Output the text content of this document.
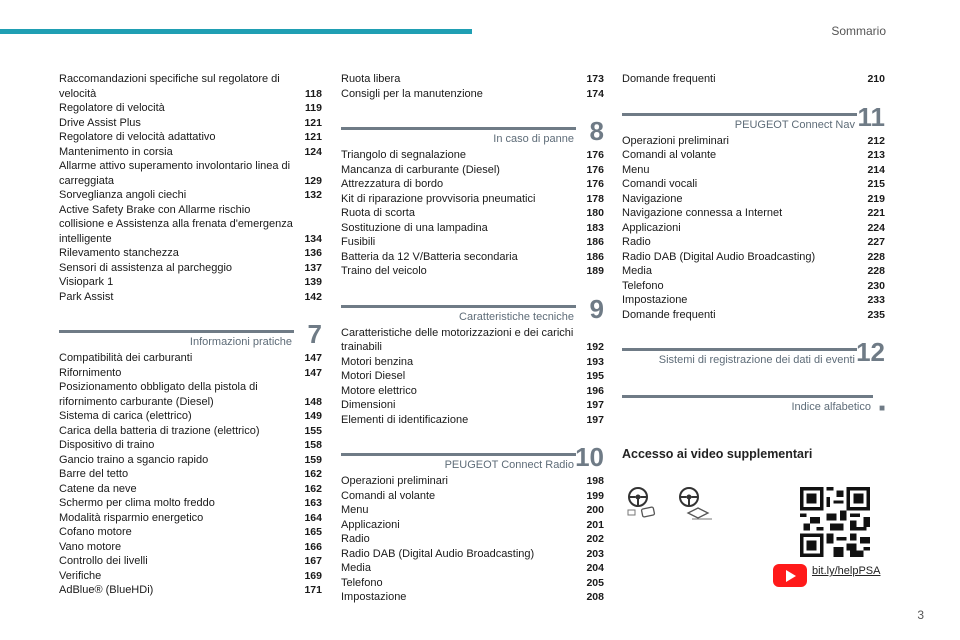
Sommario
Raccomandazioni specifiche sul regolatore di velocità	118
Regolatore di velocità	119
Drive Assist Plus	121
Regolatore di velocità adattativo	121
Mantenimento in corsia	124
Allarme attivo superamento involontario linea di carreggiata	129
Sorveglianza angoli ciechi	132
Active Safety Brake con Allarme rischio collisione e Assistenza alla frenata d'emergenza intelligente	134
Rilevamento stanchezza	136
Sensori di assistenza al parcheggio	137
Visiopark 1	139
Park Assist	142
Informazioni pratiche 7
Compatibilità dei carburanti	147
Rifornimento	147
Posizionamento obbligato della pistola di rifornimento carburante (Diesel)	148
Sistema di carica (elettrico)	149
Carica della batteria di trazione (elettrico)	155
Dispositivo di traino	158
Gancio traino a sgancio rapido	159
Barre del tetto	162
Catene da neve	162
Schermo per clima molto freddo	163
Modalità risparmio energetico	164
Cofano motore	165
Vano motore	166
Controllo dei livelli	167
Verifiche	169
AdBlue® (BlueHDi)	171
Ruota libera	173
Consigli per la manutenzione	174
In caso di panne 8
Triangolo di segnalazione	176
Mancanza di carburante (Diesel)	176
Attrezzatura di bordo	176
Kit di riparazione provvisoria pneumatici	178
Ruota di scorta	180
Sostituzione di una lampadina	183
Fusibili	186
Batteria da 12 V/Batteria secondaria	186
Traino del veicolo	189
Caratteristiche tecniche 9
Caratteristiche delle motorizzazioni e dei carichi trainabili	192
Motori benzina	193
Motori Diesel	195
Motore elettrico	196
Dimensioni	197
Elementi di identificazione	197
PEUGEOT Connect Radio 10
Operazioni preliminari	198
Comandi al volante	199
Menu	200
Applicazioni	201
Radio	202
Radio DAB (Digital Audio Broadcasting)	203
Media	204
Telefono	205
Impostazione	208
Domande frequenti	210
PEUGEOT Connect Nav 11
Operazioni preliminari	212
Comandi al volante	213
Menu	214
Comandi vocali	215
Navigazione	219
Navigazione connessa a Internet	221
Applicazioni	224
Radio	227
Radio DAB (Digital Audio Broadcasting)	228
Media	228
Telefono	230
Impostazione	233
Domande frequenti	235
Sistemi di registrazione dei dati di eventi 12
Indice alfabetico ■
Accesso ai video supplementari
bit.ly/helpPSA
3
